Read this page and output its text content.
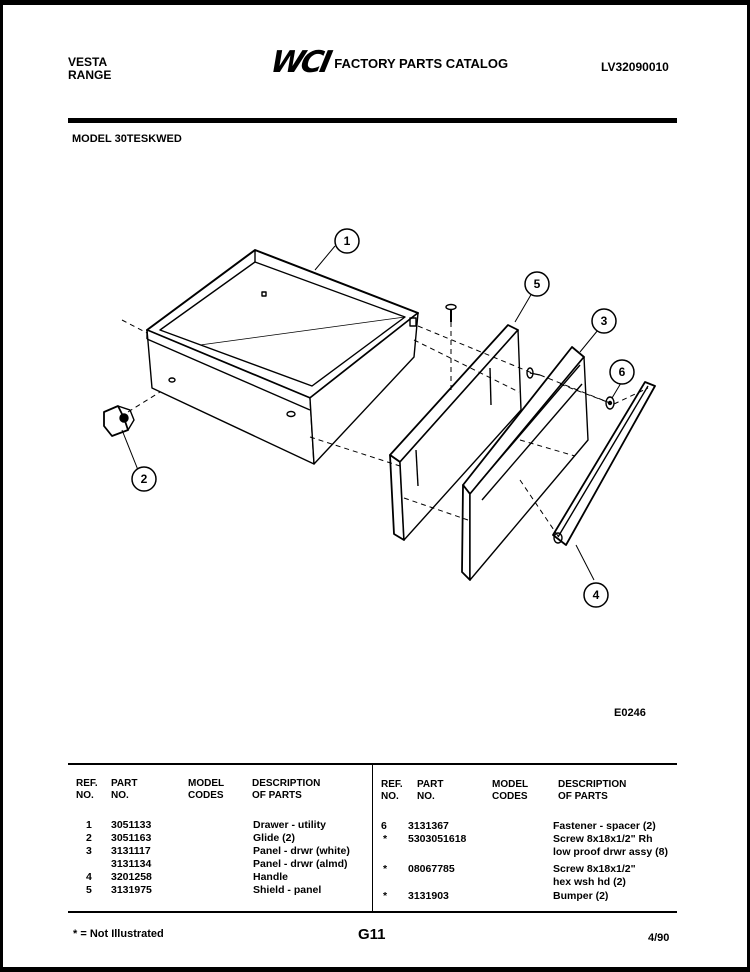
VESTA
RANGE	WCI FACTORY PARTS CATALOG	LV32090010
MODEL 30TESKWED
1
5
3
6
2
4
E0246
REF.
NO.
PART
NO.
MODEL
CODES
DESCRIPTION
OF PARTS
REF.
NO.
PART
NO.
MODEL
CODES
DESCRIPTION
OF PARTS
1 3051133	Drawer - utility
2 3051163	Glide (2)
3 3131117	Panel - drwr (white)
3131134	Panel - drwr (almd)
4 3201258	Handle
5 3131975	Shield - panel
6 3131367	Fastener - spacer (2)
* 5303051618	Screw 8x18x1/2" Rh
low proof drwr assy (8)
* 08067785	Screw 8x18x1/2"
hex wsh hd (2)
* 3131903	Bumper (2)
* = Not Illustrated	G11	4/90
